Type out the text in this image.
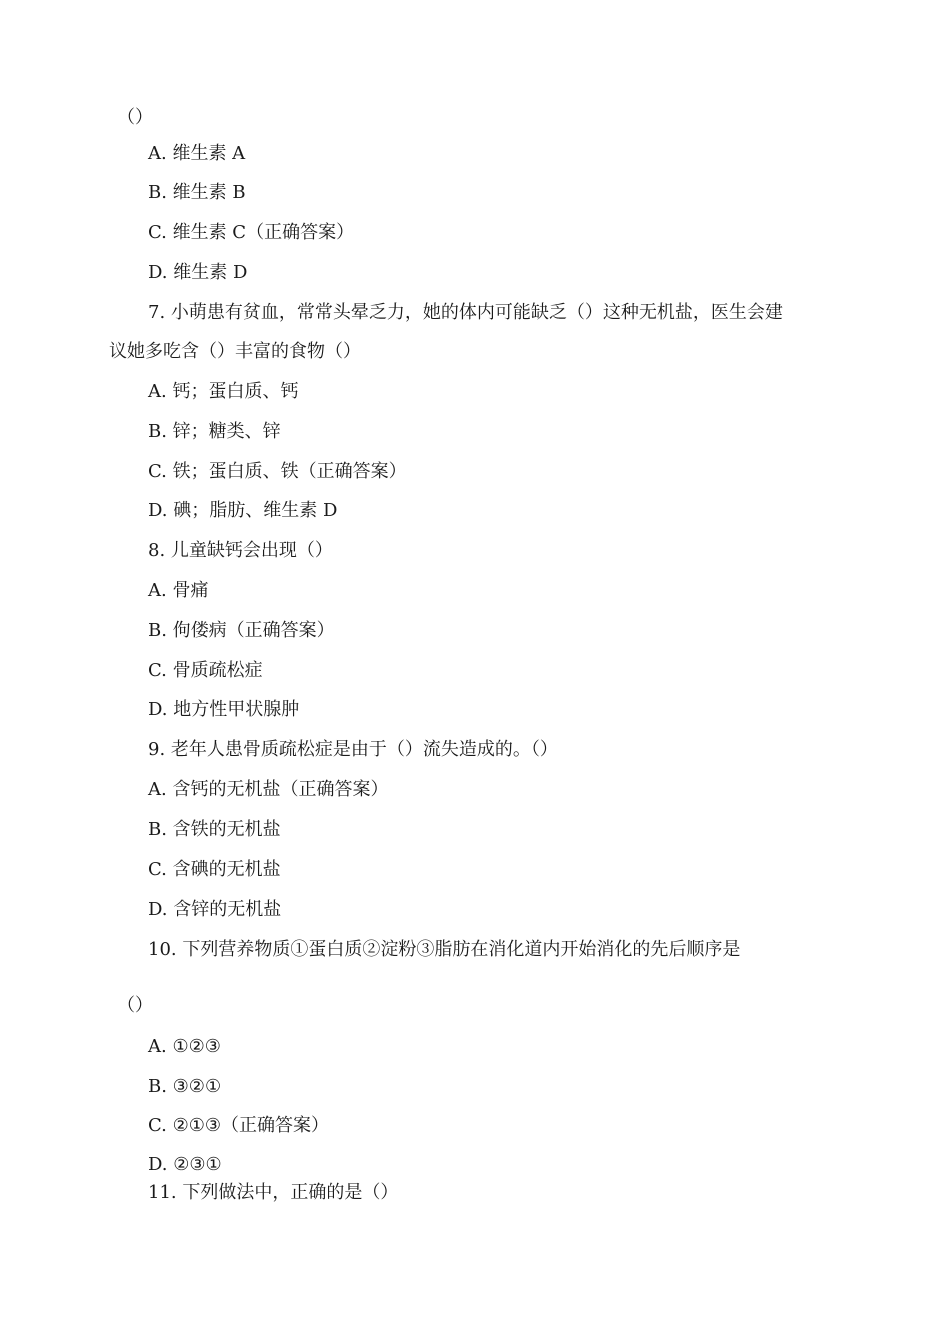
（）
A. 维生素 A
B. 维生素 B
C. 维生素 C（正确答案）
D. 维生素 D
7. 小萌患有贫血，常常头晕乏力，她的体内可能缺乏（）这种无机盐，医生会建
议她多吃含（）丰富的食物（）
A. 钙；蛋白质、钙
B. 锌；糖类、锌
C. 铁；蛋白质、铁（正确答案）
D. 碘；脂肪、维生素 D
8. 儿童缺钙会出现（）
A. 骨痛
B. 佝偻病（正确答案）
C. 骨质疏松症
D. 地方性甲状腺肿
9. 老年人患骨质疏松症是由于（）流失造成的。（）
A. 含钙的无机盐（正确答案）
B. 含铁的无机盐
C. 含碘的无机盐
D. 含锌的无机盐
10. 下列营养物质①蛋白质②淀粉③脂肪在消化道内开始消化的先后顺序是
（）
A. ①②③
B. ③②①
C. ②①③（正确答案）
D. ②③①
11. 下列做法中，正确的是（）
